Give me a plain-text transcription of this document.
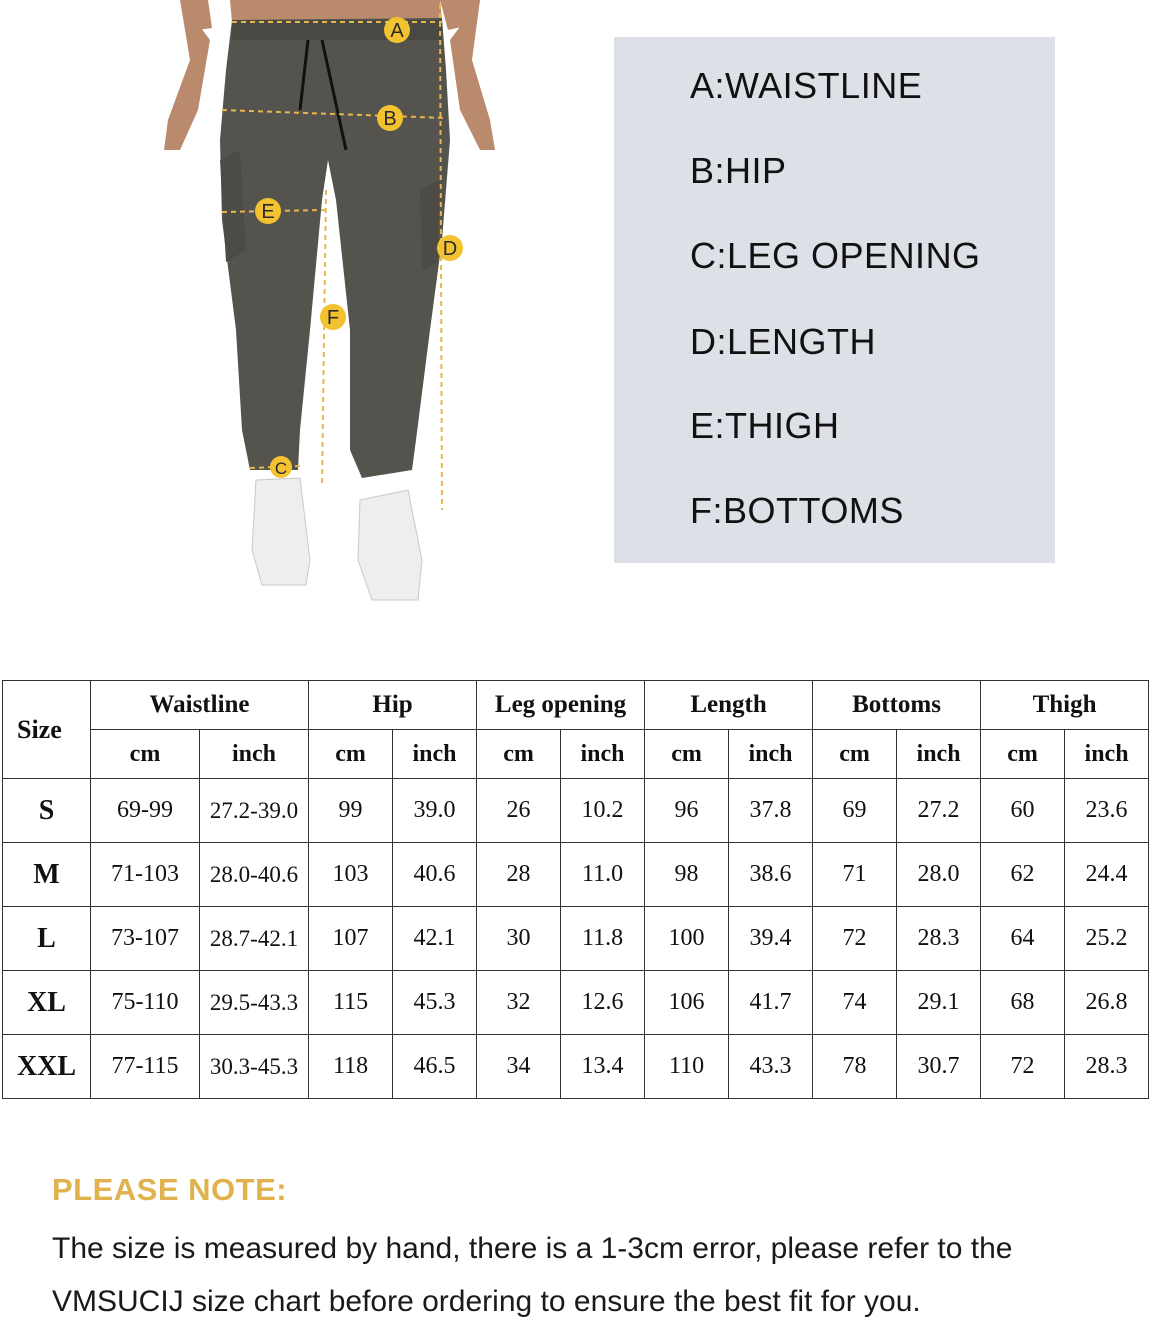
A
B
C
D
E
F
A:WAISTLINE
B:HIP
C:LEG OPENING
D:LENGTH
E:THIGH
F:BOTTOMS
Size	Waistline		Hip		Leg opening		Length		Bottoms		Thigh	
	cm	inch	cm	inch	cm	inch	cm	inch	cm	inch	cm	inch
S	69-99	27.2-39.0	99	39.0	26	10.2	96	37.8	69	27.2	60	23.6
M	71-103	28.0-40.6	103	40.6	28	11.0	98	38.6	71	28.0	62	24.4
L	73-107	28.7-42.1	107	42.1	30	11.8	100	39.4	72	28.3	64	25.2
XL	75-110	29.5-43.3	115	45.3	32	12.6	106	41.7	74	29.1	68	26.8
XXL	77-115	30.3-45.3	118	46.5	34	13.4	110	43.3	78	30.7	72	28.3
PLEASE NOTE:
The size is measured by hand, there is a 1-3cm error, please refer to the VMSUCIJ size chart before ordering to ensure the best fit for you.
